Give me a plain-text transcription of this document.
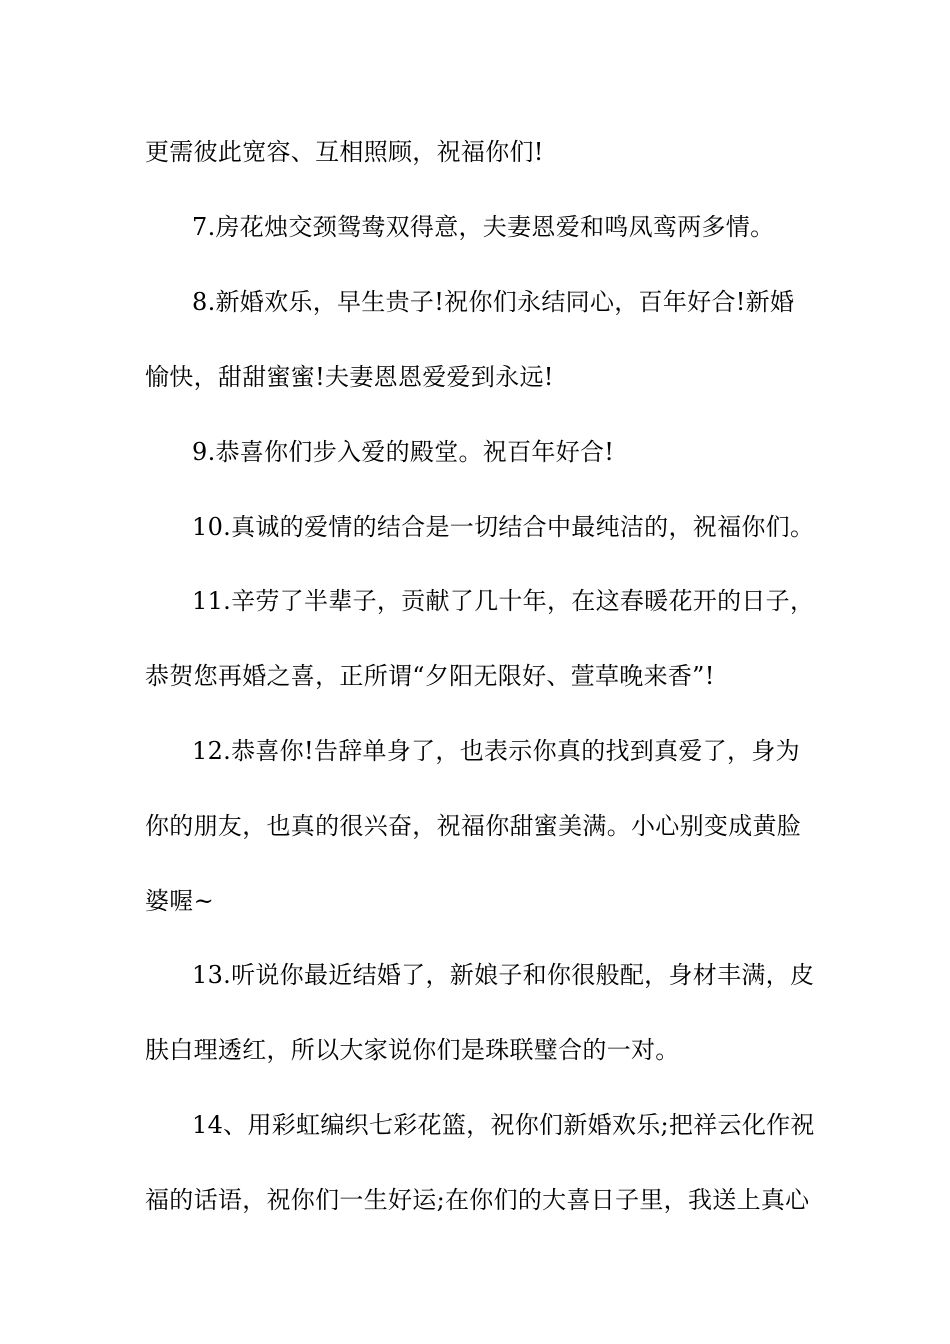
更需彼此宽容、互相照顾，祝福你们!
7.房花烛交颈鸳鸯双得意，夫妻恩爱和鸣凤鸾两多情。
8.新婚欢乐，早生贵子!祝你们永结同心，百年好合!新婚
愉快，甜甜蜜蜜!夫妻恩恩爱爱到永远!
9.恭喜你们步入爱的殿堂。祝百年好合!
10.真诚的爱情的结合是一切结合中最纯洁的，祝福你们。
11.辛劳了半辈子，贡献了几十年，在这春暖花开的日子，
恭贺您再婚之喜，正所谓“夕阳无限好、萱草晚来香”!
12.恭喜你!告辞单身了，也表示你真的找到真爱了，身为
你的朋友，也真的很兴奋，祝福你甜蜜美满。小心别变成黄脸
婆喔~
13.听说你最近结婚了，新娘子和你很般配，身材丰满，皮
肤白理透红，所以大家说你们是珠联璧合的一对。
14、用彩虹编织七彩花篮，祝你们新婚欢乐;把祥云化作祝
福的话语，祝你们一生好运;在你们的大喜日子里，我送上真心
